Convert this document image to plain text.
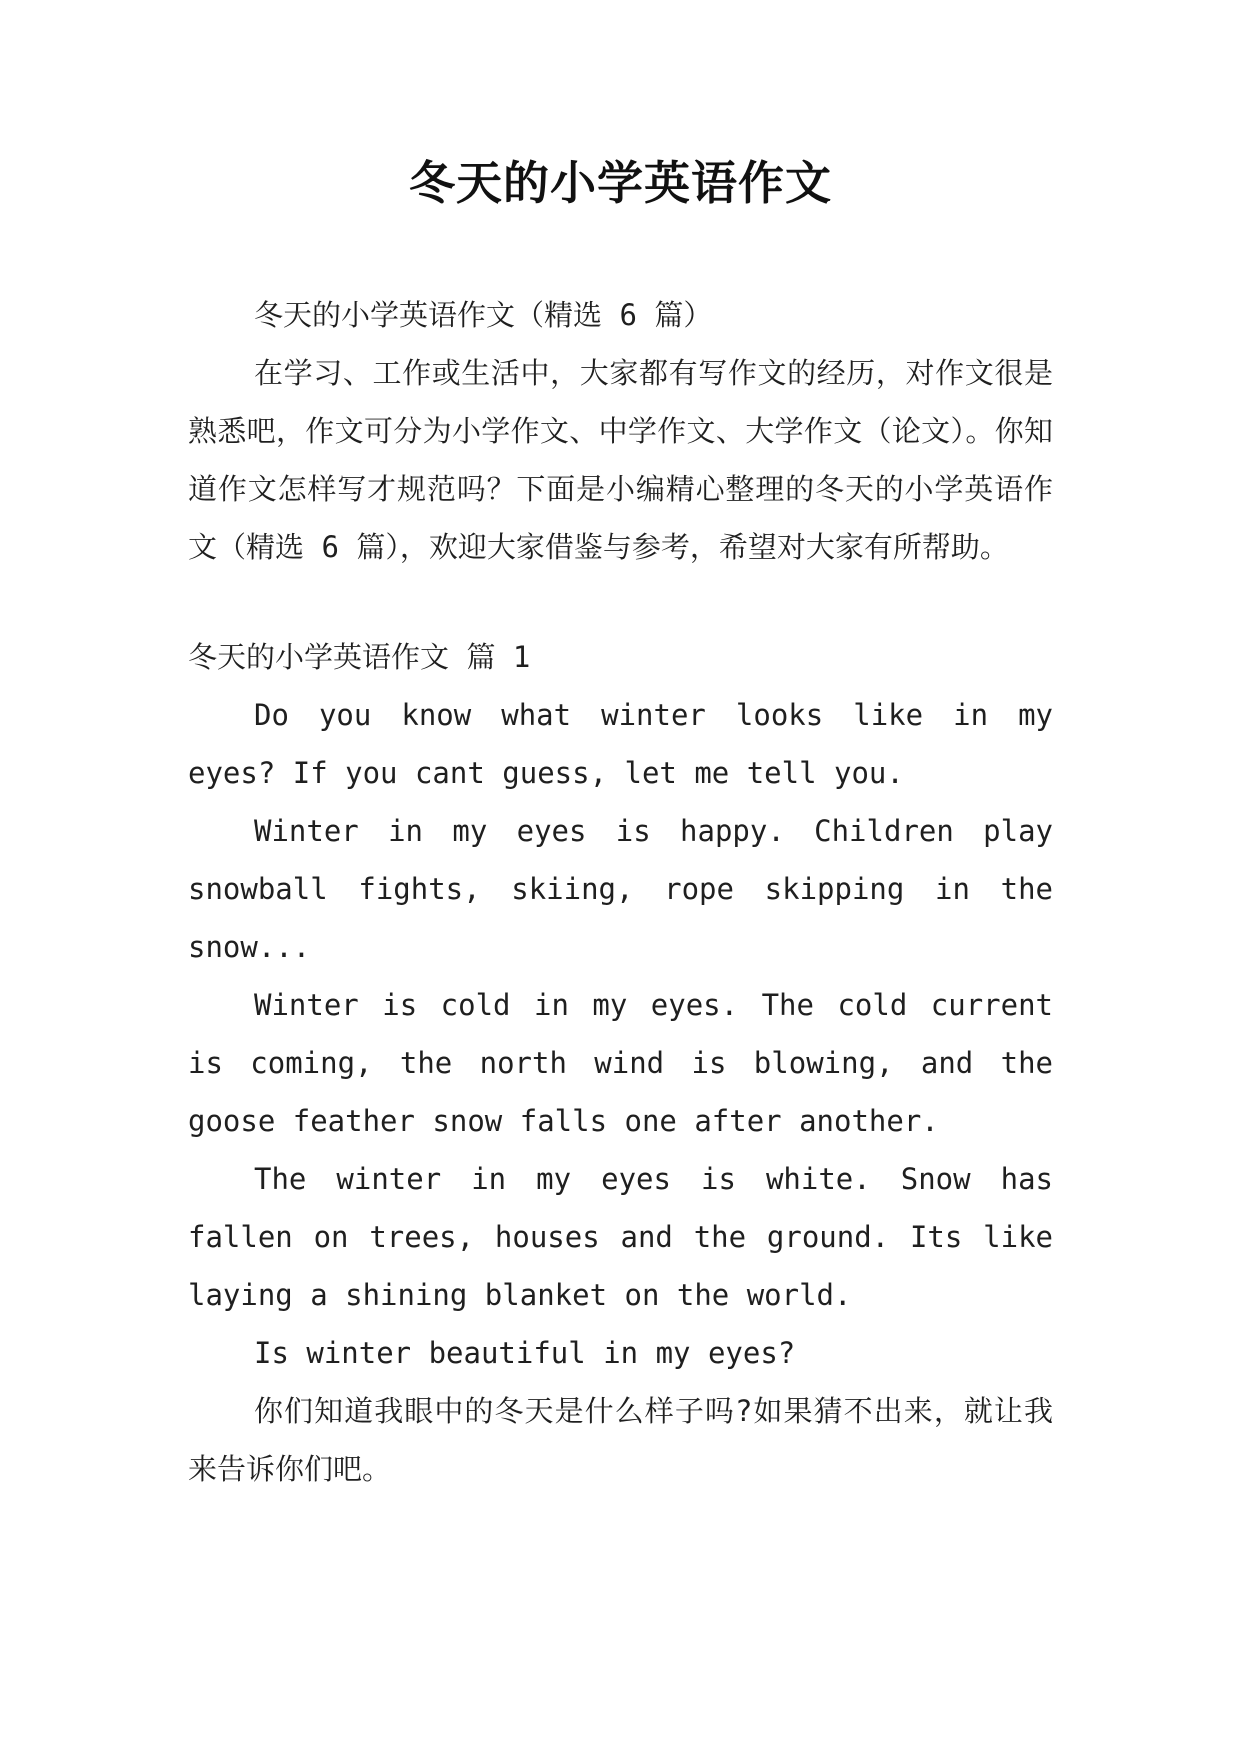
冬天的小学英语作文

冬天的小学英语作文（精选 6 篇）

在学习、工作或生活中，大家都有写作文的经历，对作文很是熟悉吧，作文可分为小学作文、中学作文、大学作文（论文）。你知道作文怎样写才规范吗？下面是小编精心整理的冬天的小学英语作文（精选 6 篇），欢迎大家借鉴与参考，希望对大家有所帮助。

冬天的小学英语作文 篇 1

Do you know what winter looks like in my eyes? If you cant guess, let me tell you.

Winter in my eyes is happy. Children play snowball fights, skiing, rope skipping in the snow...

Winter is cold in my eyes. The cold current is coming, the north wind is blowing, and the goose feather snow falls one after another.

The winter in my eyes is white. Snow has fallen on trees, houses and the ground. Its like laying a shining blanket on the world.

Is winter beautiful in my eyes?

你们知道我眼中的冬天是什么样子吗?如果猜不出来，就让我来告诉你们吧。
